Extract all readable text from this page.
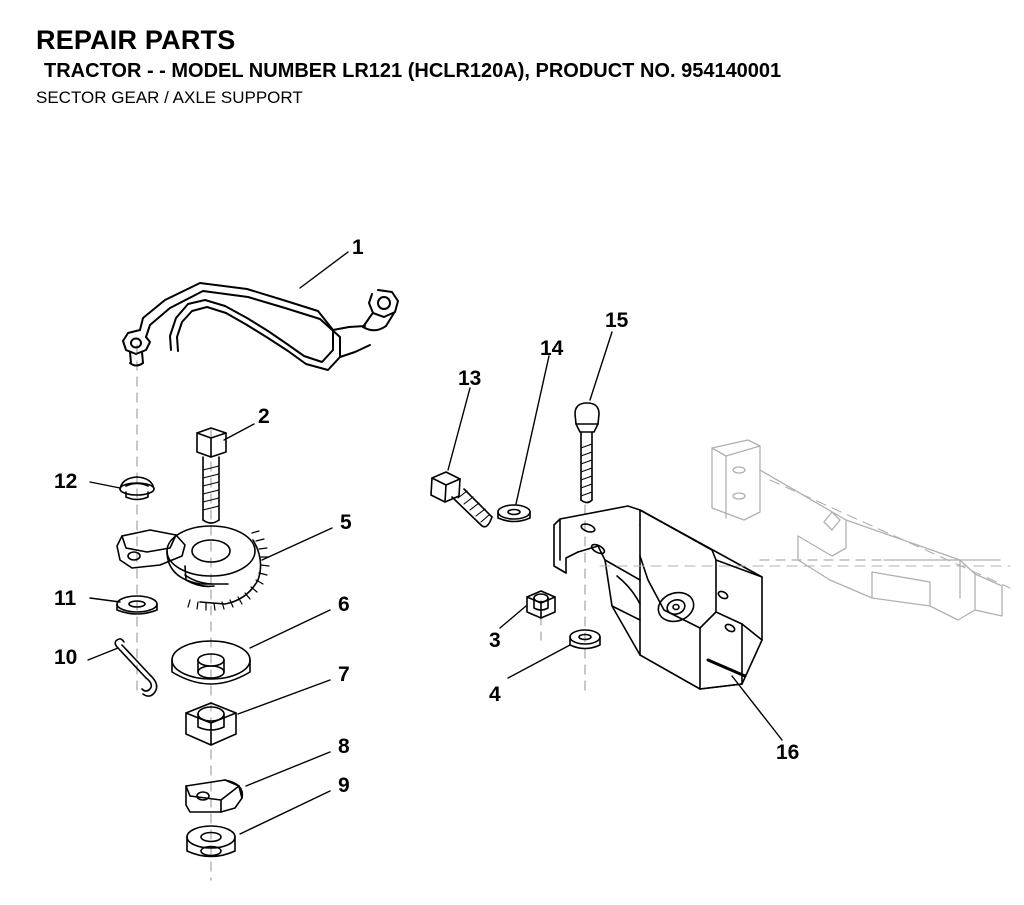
REPAIR PARTS
TRACTOR - - MODEL NUMBER LR121 (HCLR120A), PRODUCT NO. 954140001
SECTOR GEAR / AXLE SUPPORT
1
2
3
4
5
6
7
8
9
10
11
12
13
14
15
16
